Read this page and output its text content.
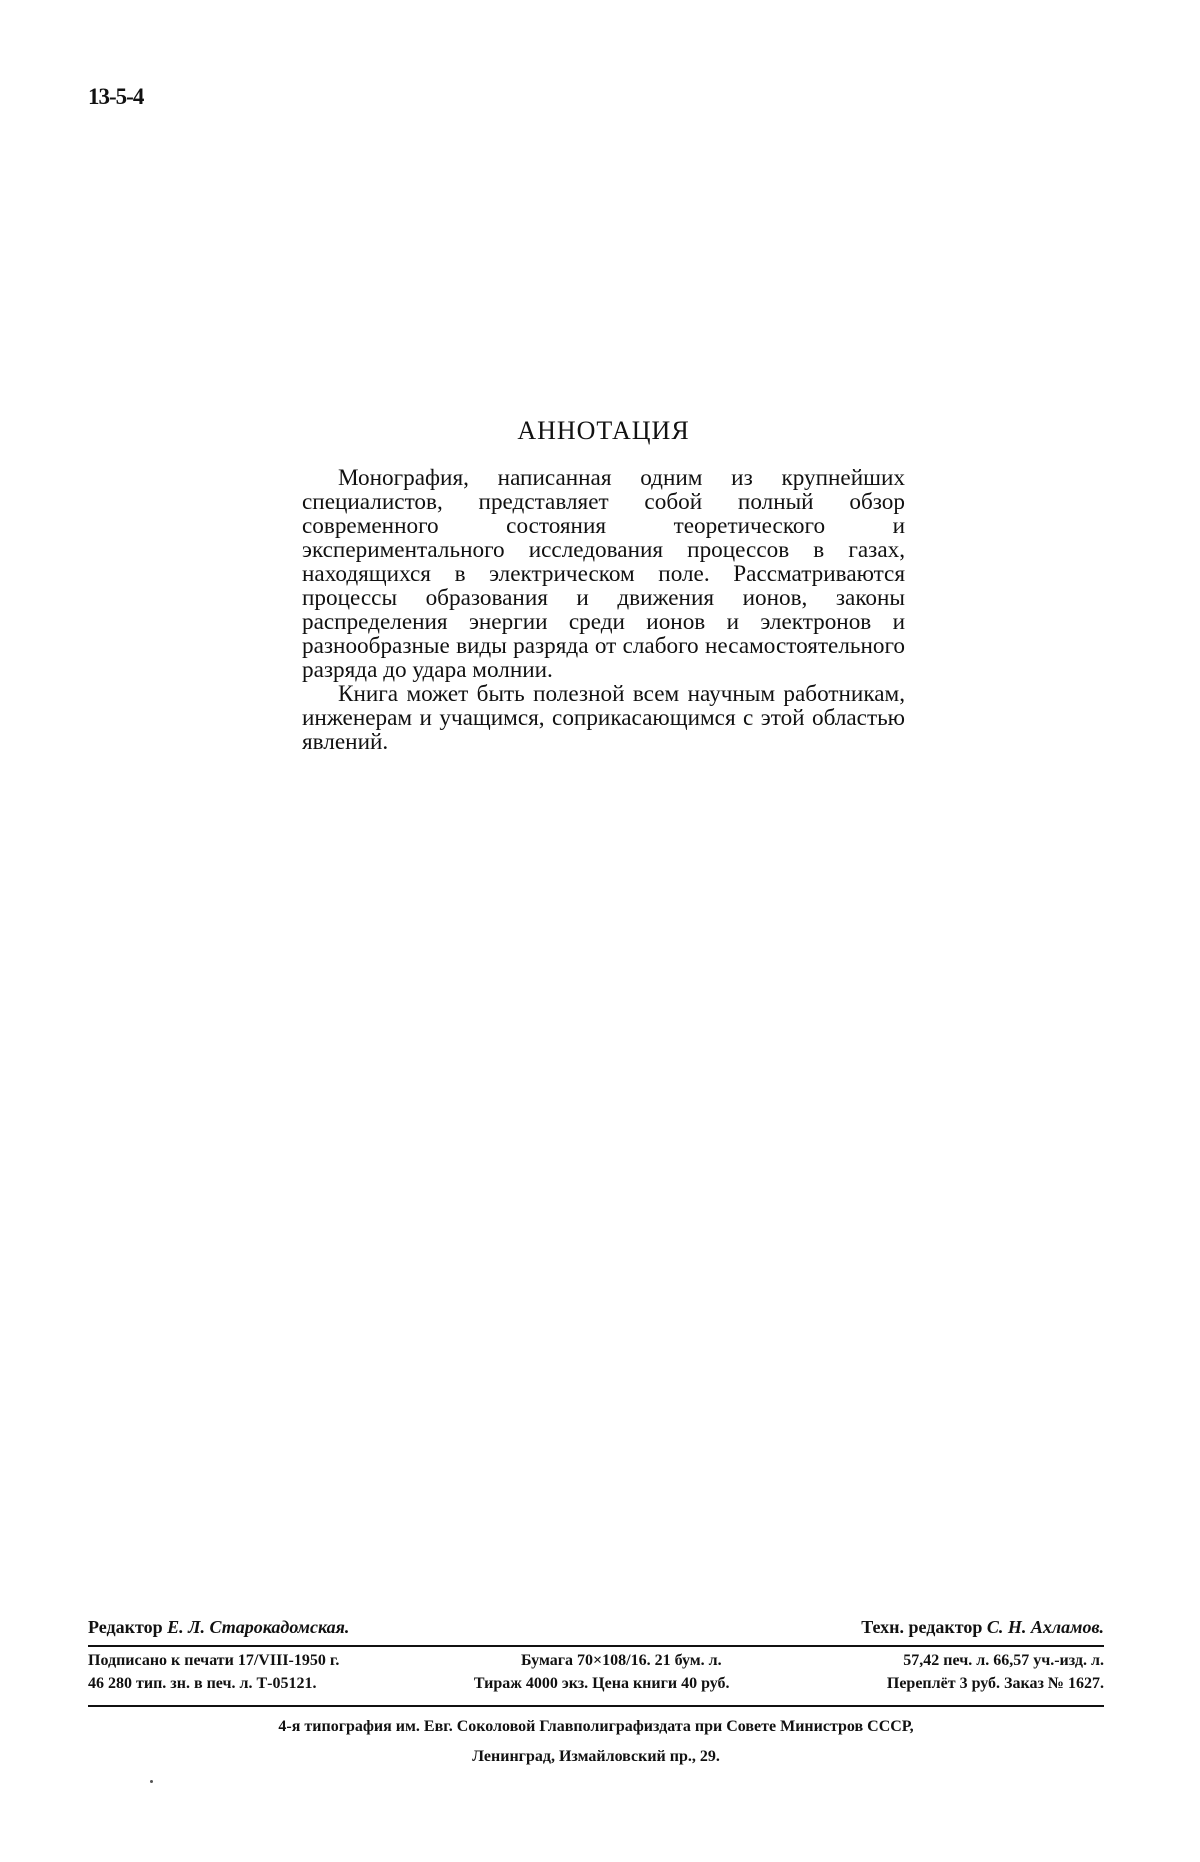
13-5-4
АННОТАЦИЯ

Монография, написанная одним из крупнейших специалистов, представляет собой полный обзор современного состояния теоретического и экспериментального исследования процессов в газах, находящихся в электрическом поле. Рассматриваются процессы образования и движения ионов, законы распределения энергии среди ионов и электронов и разнообразные виды разряда от слабого несамостоятельного разряда до удара молнии.

Книга может быть полезной всем научным работникам, инженерам и учащимся, соприкасающимся с этой областью явлений.

Редактор Е. Л. Старокадомская.	Техн. редактор С. Н. Ахламов.
Подписано к печати 17/VIII-1950 г.	Бумага 70×108/16. 21 бум. л.	57,42 печ. л. 66,57 уч.-изд. л.
46 280 тип. зн. в печ. л. Т-05121.	Тираж 4000 экз. Цена книги 40 руб.	Переплёт 3 руб. Заказ № 1627.
4-я типография им. Евг. Соколовой Главполиграфиздата при Совете Министров СССР,
Ленинград, Измайловский пр., 29.
